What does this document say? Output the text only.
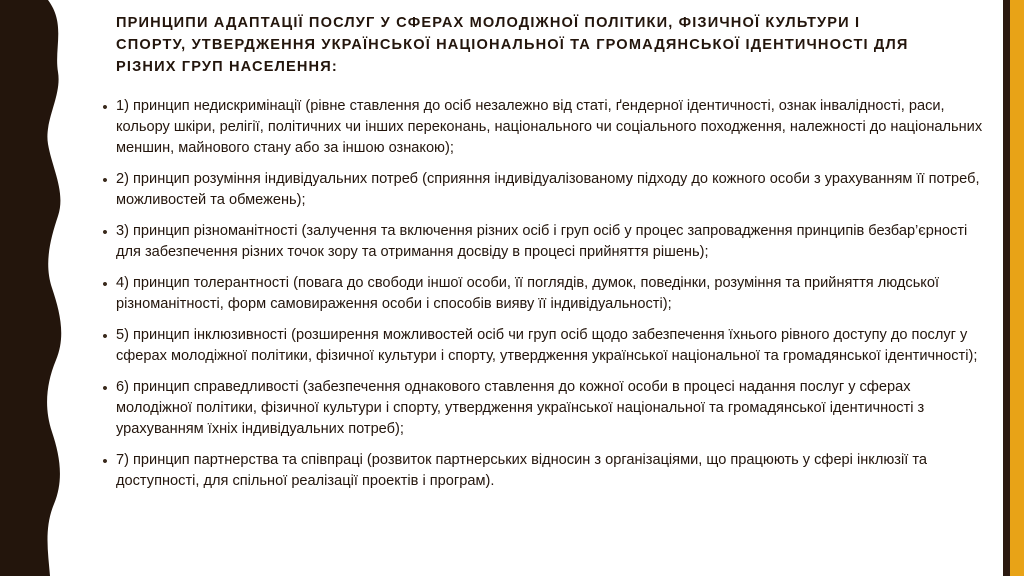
ПРИНЦИПИ АДАПТАЦІЇ ПОСЛУГ У СФЕРАХ МОЛОДІЖНОЇ ПОЛІТИКИ, ФІЗИЧНОЇ КУЛЬТУРИ І СПОРТУ, УТВЕРДЖЕННЯ УКРАЇНСЬКОЇ НАЦІОНАЛЬНОЇ ТА ГРОМАДЯНСЬКОЇ ІДЕНТИЧНОСТІ ДЛЯ РІЗНИХ ГРУП НАСЕЛЕННЯ:
• 1) принцип недискримінації (рівне ставлення до осіб незалежно від статі, ґендерної ідентичності, ознак інвалідності, раси, кольору шкіри, релігії, політичних чи інших переконань, національного чи соціального походження, належності до національних меншин, майнового стану або за іншою ознакою);
• 2) принцип розуміння індивідуальних потреб (сприяння індивідуалізованому підходу до кожного особи з урахуванням її потреб, можливостей та обмежень);
• 3) принцип різноманітності (залучення та включення різних осіб і груп осіб у процес запровадження принципів безбар’єрності для забезпечення різних точок зору та отримання досвіду в процесі прийняття рішень);
• 4) принцип толерантності (повага до свободи іншої особи, її поглядів, думок, поведінки, розуміння та прийняття людської різноманітності, форм самовираження особи і способів вияву її індивідуальності);
• 5) принцип інклюзивності (розширення можливостей осіб чи груп осіб щодо забезпечення їхнього рівного доступу до послуг у сферах молодіжної політики, фізичної культури і спорту, утвердження української національної та громадянської ідентичності);
• 6) принцип справедливості (забезпечення однакового ставлення до кожної особи в процесі надання послуг у сферах молодіжної політики, фізичної культури і спорту, утвердження української національної та громадянської ідентичності з урахуванням їхніх індивідуальних потреб);
• 7) принцип партнерства та співпраці (розвиток партнерських відносин з організаціями, що працюють у сфері інклюзії та доступності, для спільної реалізації проектів і програм).
